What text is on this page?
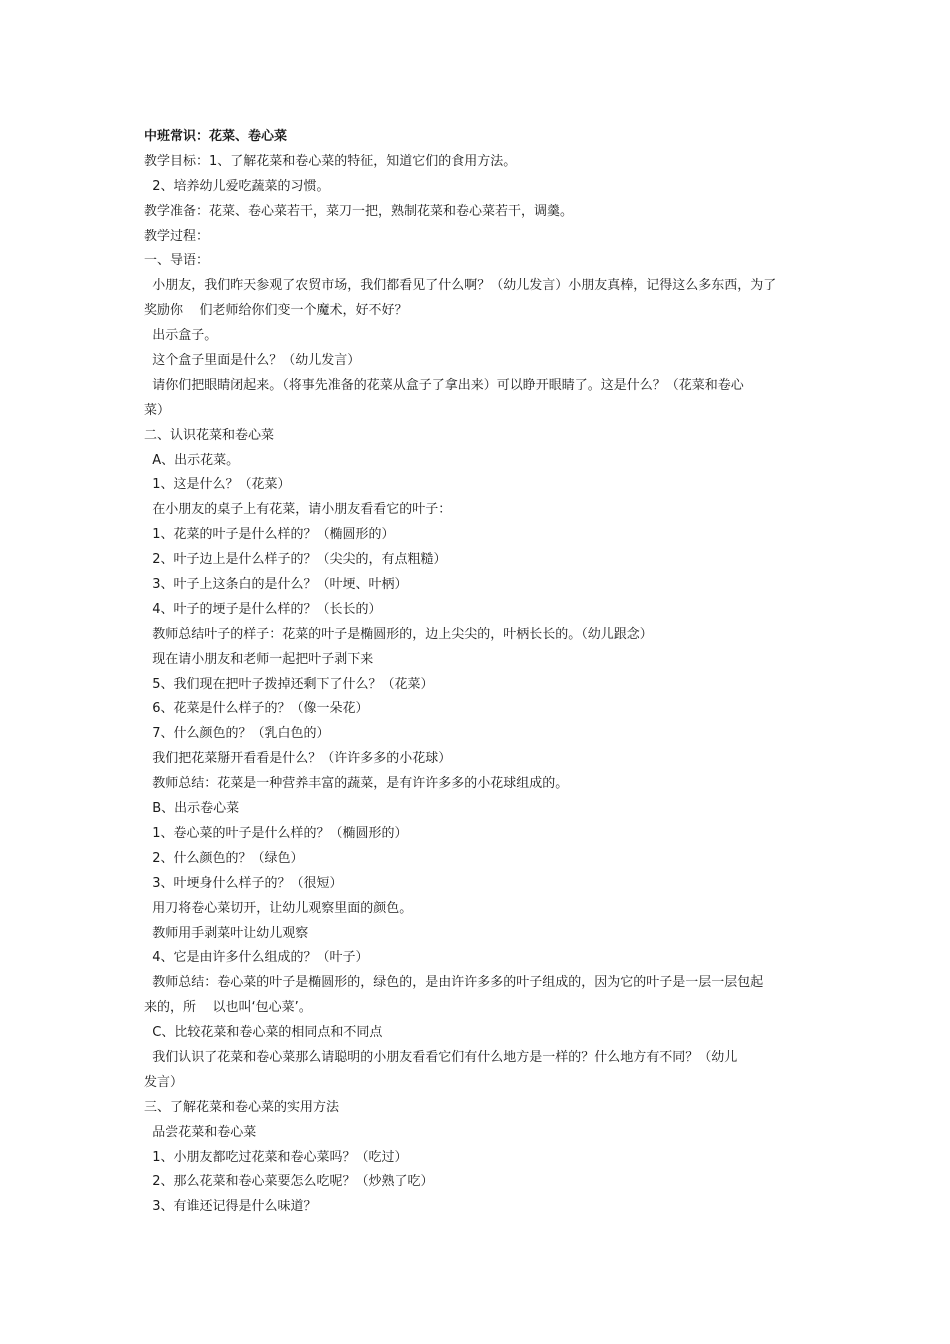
中班常识：花菜、卷心菜
教学目标：1、了解花菜和卷心菜的特征，知道它们的食用方法。
2、培养幼儿爱吃蔬菜的习惯。
教学准备：花菜、卷心菜若干，菜刀一把，熟制花菜和卷心菜若干，调羹。
教学过程：
一、导语：
小朋友，我们昨天参观了农贸市场，我们都看见了什么啊？（幼儿发言）小朋友真棒，记得这么多东西，为了
奖励你    们老师给你们变一个魔术，好不好？
出示盒子。
这个盒子里面是什么？（幼儿发言）
请你们把眼睛闭起来。（将事先准备的花菜从盒子了拿出来）可以睁开眼睛了。这是什么？（花菜和卷心
菜）
二、认识花菜和卷心菜
A、出示花菜。
1、这是什么？（花菜）
在小朋友的桌子上有花菜，请小朋友看看它的叶子：
1、花菜的叶子是什么样的？（椭圆形的）
2、叶子边上是什么样子的？（尖尖的，有点粗糙）
3、叶子上这条白的是什么？（叶埂、叶柄）
4、叶子的埂子是什么样的？（长长的）
教师总结叶子的样子：花菜的叶子是椭圆形的，边上尖尖的，叶柄长长的。（幼儿跟念）
现在请小朋友和老师一起把叶子剥下来
5、我们现在把叶子拨掉还剩下了什么？（花菜）
6、花菜是什么样子的？（像一朵花）
7、什么颜色的？（乳白色的）
我们把花菜掰开看看是什么？（许许多多的小花球）
教师总结：花菜是一种营养丰富的蔬菜，是有许许多多的小花球组成的。
B、出示卷心菜
1、卷心菜的叶子是什么样的？（椭圆形的）
2、什么颜色的？（绿色）
3、叶埂身什么样子的？（很短）
用刀将卷心菜切开，让幼儿观察里面的颜色。
教师用手剥菜叶让幼儿观察
4、它是由许多什么组成的？（叶子）
教师总结：卷心菜的叶子是椭圆形的，绿色的，是由许许多多的叶子组成的，因为它的叶子是一层一层包起
来的，所    以也叫‘包心菜’。
C、比较花菜和卷心菜的相同点和不同点
我们认识了花菜和卷心菜那么请聪明的小朋友看看它们有什么地方是一样的？什么地方有不同？（幼儿
发言）
三、了解花菜和卷心菜的实用方法
品尝花菜和卷心菜
1、小朋友都吃过花菜和卷心菜吗？（吃过）
2、那么花菜和卷心菜要怎么吃呢？（炒熟了吃）
3、有谁还记得是什么味道？
